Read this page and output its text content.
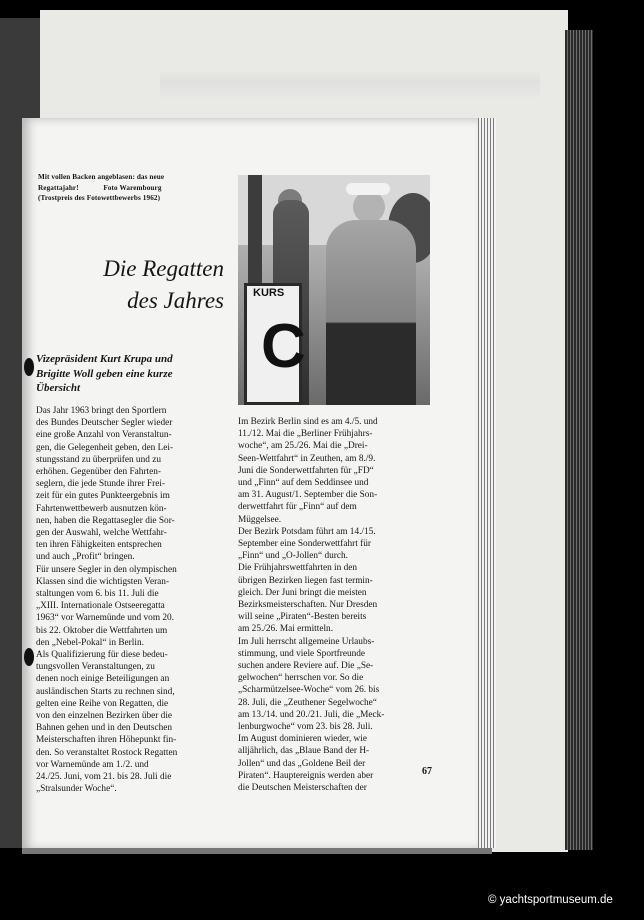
Mit vollen Backen angeblasen: das neue
Regattajahr!             Foto Warembourg
(Trostpreis des Fotowettbewerbs 1962)
Die Regatten
des Jahres
Vizepräsident Kurt Krupa und
Brigitte Woll geben eine kurze
Übersicht
KURS
C
Das Jahr 1963 bringt den Sportlern
des Bundes Deutscher Segler wieder
eine große Anzahl von Veranstaltun-
gen, die Gelegenheit geben, den Lei-
stungsstand zu überprüfen und zu
erhöhen. Gegenüber den Fahrten-
seglern, die jede Stunde ihrer Frei-
zeit für ein gutes Punkteergebnis im
Fahrtenwettbewerb ausnutzen kön-
nen, haben die Regattasegler die Sor-
gen der Auswahl, welche Wettfahr-
ten ihren Fähigkeiten entsprechen
und auch „Profit“ bringen.
Für unsere Segler in den olympischen
Klassen sind die wichtigsten Veran-
staltungen vom 6. bis 11. Juli die
„XIII. Internationale Ostseeregatta
1963“ vor Warnemünde und vom 20.
bis 22. Oktober die Wettfahrten um
den „Nebel-Pokal“ in Berlin.
Als Qualifizierung für diese bedeu-
tungsvollen Veranstaltungen, zu
denen noch einige Beteiligungen an
ausländischen Starts zu rechnen sind,
gelten eine Reihe von Regatten, die
von den einzelnen Bezirken über die
Bahnen gehen und in den Deutschen
Meisterschaften ihren Höhepunkt fin-
den. So veranstaltet Rostock Regatten
vor Warnemünde am 1./2. und
24./25. Juni, vom 21. bis 28. Juli die
„Stralsunder Woche“.
Im Bezirk Berlin sind es am 4./5. und
11./12. Mai die „Berliner Frühjahrs-
woche“, am 25./26. Mai die „Drei-
Seen-Wettfahrt“ in Zeuthen, am 8./9.
Juni die Sonderwettfahrten für „FD“
und „Finn“ auf dem Seddinsee und
am 31. August/1. September die Son-
derwettfahrt für „Finn“ auf dem
Müggelsee.
Der Bezirk Potsdam führt am 14./15.
September eine Sonderwettfahrt für
„Finn“ und „O-Jollen“ durch.
Die Frühjahrswettfahrten in den
übrigen Bezirken liegen fast termin-
gleich. Der Juni bringt die meisten
Bezirksmeisterschaften. Nur Dresden
will seine „Piraten“-Besten bereits
am 25./26. Mai ermitteln.
Im Juli herrscht allgemeine Urlaubs-
stimmung, und viele Sportfreunde
suchen andere Reviere auf. Die „Se-
gelwochen“ herrschen vor. So die
„Scharmützelsee-Woche“ vom 26. bis
28. Juli, die „Zeuthener Segelwoche“
am 13./14. und 20./21. Juli, die „Meck-
lenburgwoche“ vom 23. bis 28. Juli.
Im August dominieren wieder, wie
alljährlich, das „Blaue Band der H-
Jollen“ und das „Goldene Beil der
Piraten“. Hauptereignis werden aber
die Deutschen Meisterschaften der
67
© yachtsportmuseum.de
